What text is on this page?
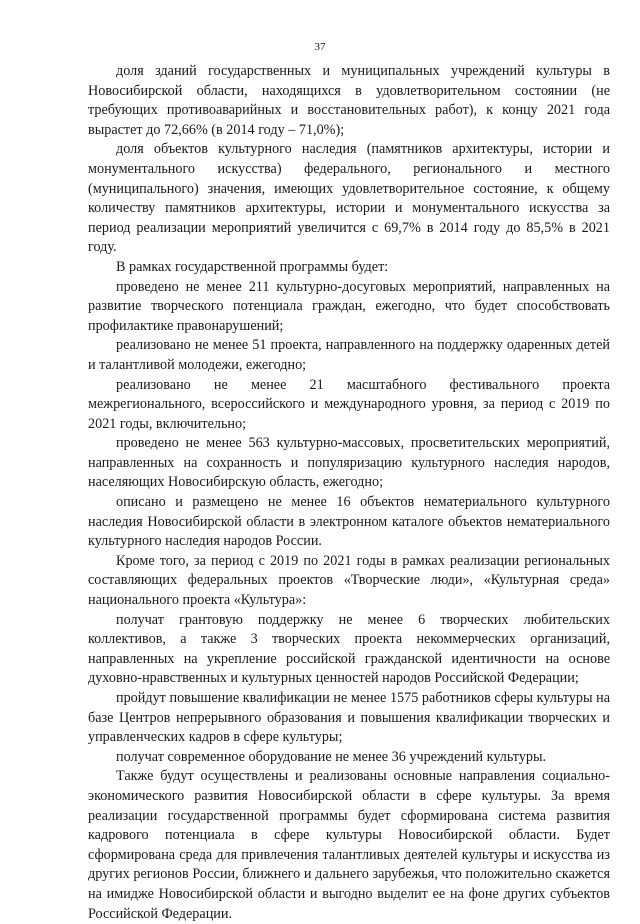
37

доля зданий государственных и муниципальных учреждений культуры в Новосибирской области, находящихся в удовлетворительном состоянии (не требующих противоаварийных и восстановительных работ), к концу 2021 года вырастет до 72,66% (в 2014 году – 71,0%);

доля объектов культурного наследия (памятников архитектуры, истории и монументального искусства) федерального, регионального и местного (муниципального) значения, имеющих удовлетворительное состояние, к общему количеству памятников архитектуры, истории и монументального искусства за период реализации мероприятий увеличится с 69,7% в 2014 году до 85,5% в 2021 году.

В рамках государственной программы будет:

проведено не менее 211 культурно-досуговых мероприятий, направленных на развитие творческого потенциала граждан, ежегодно, что будет способствовать профилактике правонарушений;

реализовано не менее 51 проекта, направленного на поддержку одаренных детей и талантливой молодежи, ежегодно;

реализовано не менее 21 масштабного фестивального проекта межрегионального, всероссийского и международного уровня, за период с 2019 по 2021 годы, включительно;

проведено не менее 563 культурно-массовых, просветительских мероприятий, направленных на сохранность и популяризацию культурного наследия народов, населяющих Новосибирскую область, ежегодно;

описано и размещено не менее 16 объектов нематериального культурного наследия Новосибирской области в электронном каталоге объектов нематериального культурного наследия народов России.

Кроме того, за период с 2019 по 2021 годы в рамках реализации региональных составляющих федеральных проектов «Творческие люди», «Культурная среда» национального проекта «Культура»:

получат грантовую поддержку не менее 6 творческих любительских коллективов, а также 3 творческих проекта некоммерческих организаций, направленных на укрепление российской гражданской идентичности на основе духовно-нравственных и культурных ценностей народов Российской Федерации;

пройдут повышение квалификации не менее 1575 работников сферы культуры на базе Центров непрерывного образования и повышения квалификации творческих и управленческих кадров в сфере культуры;

получат современное оборудование не менее 36 учреждений культуры.

Также будут осуществлены и реализованы основные направления социально-экономического развития Новосибирской области в сфере культуры. За время реализации государственной программы будет сформирована система развития кадрового потенциала в сфере культуры Новосибирской области. Будет сформирована среда для привлечения талантливых деятелей культуры и искусства из других регионов России, ближнего и дальнего зарубежья, что положительно скажется на имидже Новосибирской области и выгодно выделит ее на фоне других субъектов Российской Федерации.
